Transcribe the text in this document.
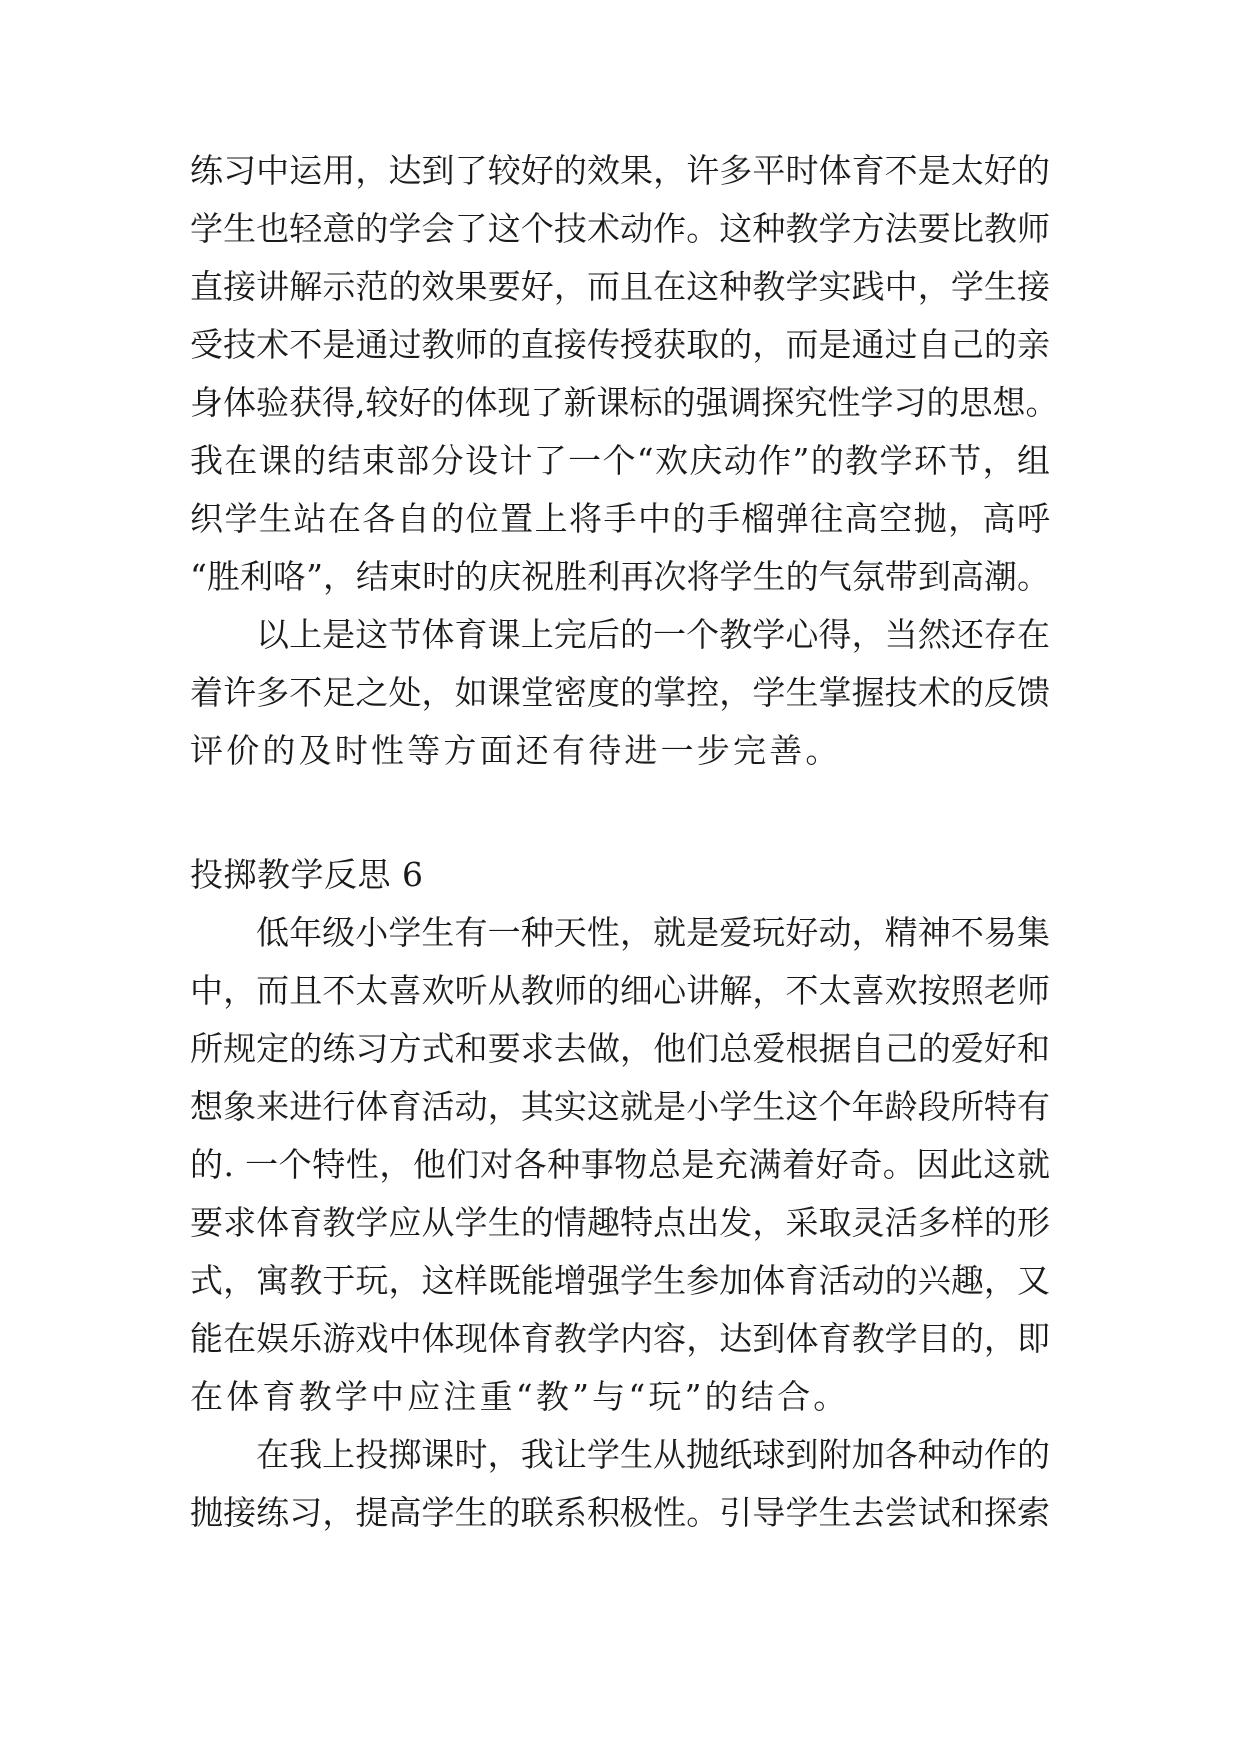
练习中运用，达到了较好的效果，许多平时体育不是太好的
学生也轻意的学会了这个技术动作。这种教学方法要比教师
直接讲解示范的效果要好，而且在这种教学实践中，学生接
受技术不是通过教师的直接传授获取的，而是通过自己的亲
身体验获得,较好的体现了新课标的强调探究性学习的思想。
我在课的结束部分设计了一个“欢庆动作”的教学环节，组
织学生站在各自的位置上将手中的手榴弹往高空抛，高呼
“胜利咯”，结束时的庆祝胜利再次将学生的气氛带到高潮。
以上是这节体育课上完后的一个教学心得，当然还存在
着许多不足之处，如课堂密度的掌控，学生掌握技术的反馈
评价的及时性等方面还有待进一步完善。
投掷教学反思 6
低年级小学生有一种天性，就是爱玩好动，精神不易集
中，而且不太喜欢听从教师的细心讲解，不太喜欢按照老师
所规定的练习方式和要求去做，他们总爱根据自己的爱好和
想象来进行体育活动，其实这就是小学生这个年龄段所特有
的. 一个特性，他们对各种事物总是充满着好奇。因此这就
要求体育教学应从学生的情趣特点出发，采取灵活多样的形
式，寓教于玩，这样既能增强学生参加体育活动的兴趣，又
能在娱乐游戏中体现体育教学内容，达到体育教学目的，即
在体育教学中应注重“教”与“玩”的结合。
在我上投掷课时，我让学生从抛纸球到附加各种动作的
抛接练习，提高学生的联系积极性。引导学生去尝试和探索
